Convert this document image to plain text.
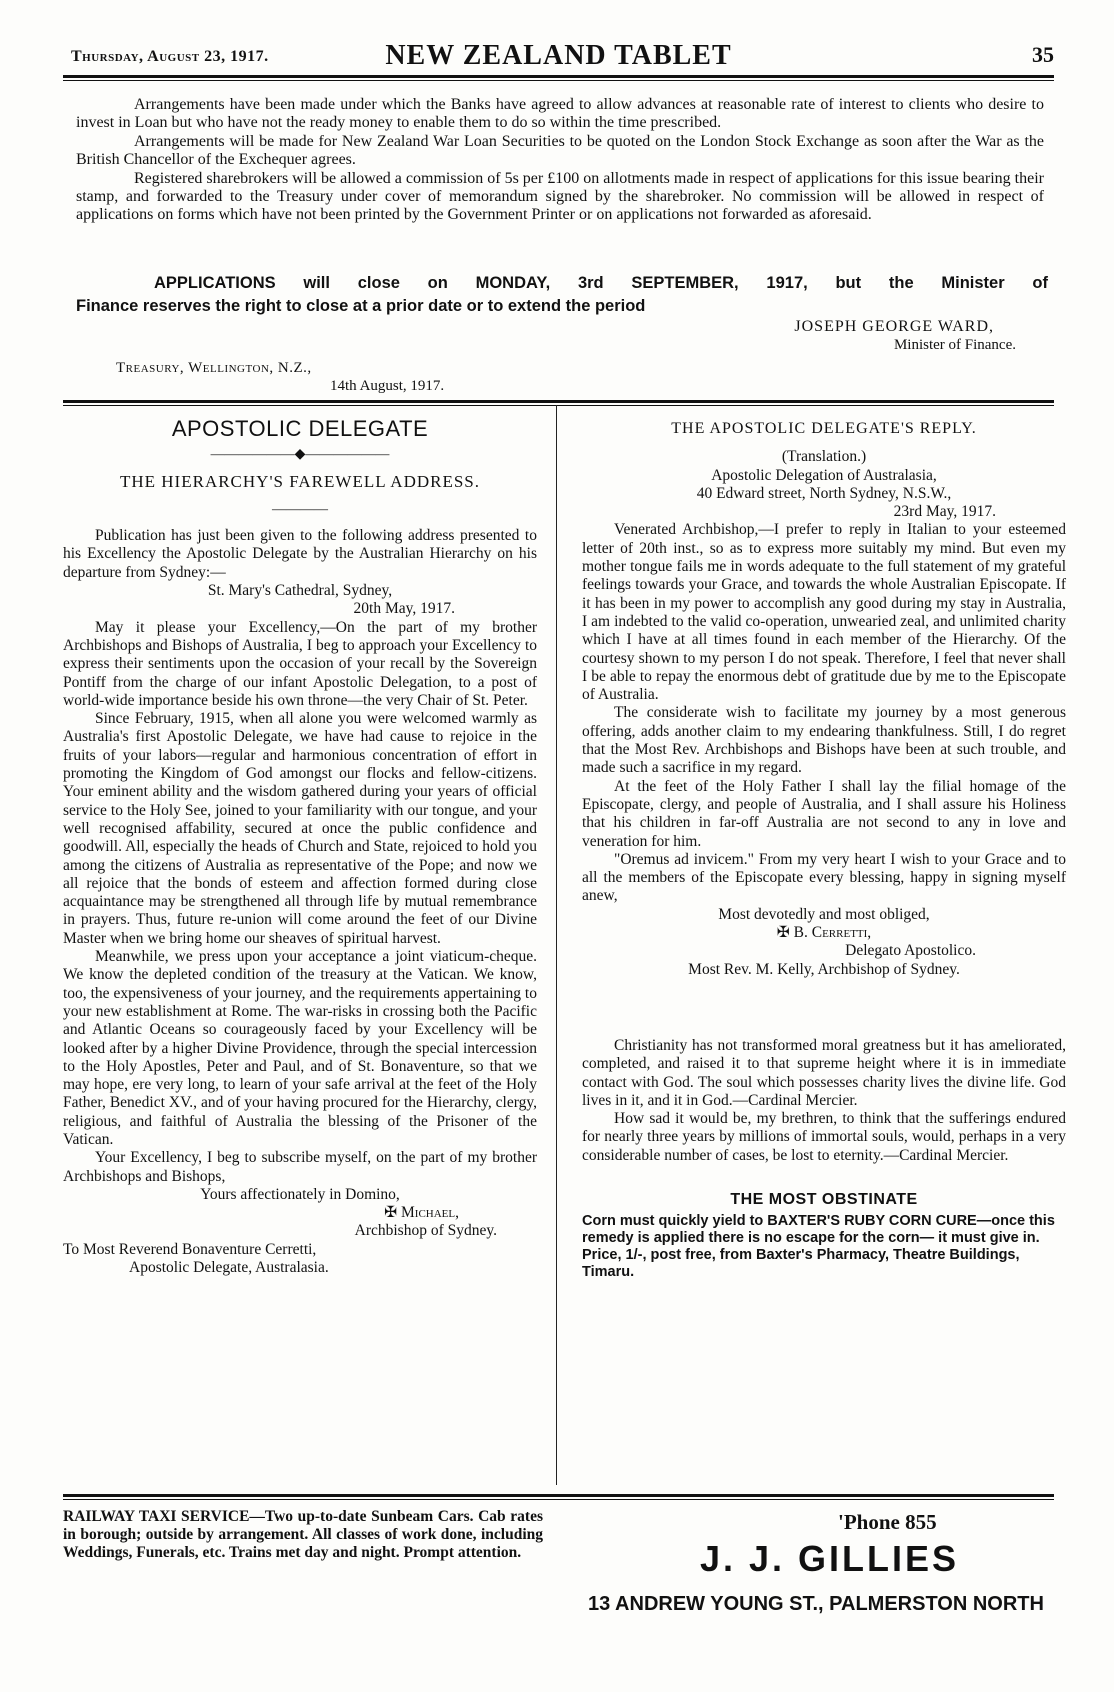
Thursday, August 23, 1917.	NEW ZEALAND TABLET	35

Arrangements have been made under which the Banks have agreed to allow advances at reasonable rate of interest to clients who desire to invest in Loan but who have not the ready money to enable them to do so within the time prescribed.

Arrangements will be made for New Zealand War Loan Securities to be quoted on the London Stock Exchange as soon after the War as the British Chancellor of the Exchequer agrees.

Registered sharebrokers will be allowed a commission of 5s per £100 on allotments made in respect of applications for this issue bearing their stamp, and forwarded to the Treasury under cover of memorandum signed by the sharebroker. No commission will be allowed in respect of applications on forms which have not been printed by the Government Printer or on applications not forwarded as aforesaid.

APPLICATIONS will close on MONDAY, 3rd SEPTEMBER, 1917, but the Minister of
Finance reserves the right to close at a prior date or to extend the period
JOSEPH GEORGE WARD,
Minister of Finance.
Treasury, Wellington, N.Z.,
14th August, 1917.
APOSTOLIC DELEGATE
——————◆——————
THE HIERARCHY'S FAREWELL ADDRESS.
————

Publication has just been given to the following address presented to his Excellency the Apostolic Delegate by the Australian Hierarchy on his departure from Sydney:—

St. Mary's Cathedral, Sydney,

20th May, 1917.

May it please your Excellency,—On the part of my brother Archbishops and Bishops of Australia, I beg to approach your Excellency to express their sentiments upon the occasion of your recall by the Sovereign Pontiff from the charge of our infant Apostolic Delegation, to a post of world-wide importance beside his own throne—the very Chair of St. Peter.

Since February, 1915, when all alone you were welcomed warmly as Australia's first Apostolic Delegate, we have had cause to rejoice in the fruits of your labors—regular and harmonious concentration of effort in promoting the Kingdom of God amongst our flocks and fellow-citizens. Your eminent ability and the wisdom gathered during your years of official service to the Holy See, joined to your familiarity with our tongue, and your well recognised affability, secured at once the public confidence and goodwill. All, especially the heads of Church and State, rejoiced to hold you among the citizens of Australia as representative of the Pope; and now we all rejoice that the bonds of esteem and affection formed during close acquaintance may be strengthened all through life by mutual remembrance in prayers. Thus, future re-union will come around the feet of our Divine Master when we bring home our sheaves of spiritual harvest.

Meanwhile, we press upon your acceptance a joint viaticum-cheque. We know the depleted condition of the treasury at the Vatican. We know, too, the expensiveness of your journey, and the requirements appertaining to your new establishment at Rome. The war-risks in crossing both the Pacific and Atlantic Oceans so courageously faced by your Excellency will be looked after by a higher Divine Providence, through the special intercession to the Holy Apostles, Peter and Paul, and of St. Bonaventure, so that we may hope, ere very long, to learn of your safe arrival at the feet of the Holy Father, Benedict XV., and of your having procured for the Hierarchy, clergy, religious, and faithful of Australia the blessing of the Prisoner of the Vatican.

Your Excellency, I beg to subscribe myself, on the part of my brother Archbishops and Bishops,

Yours affectionately in Domino,

✠ Michael,

Archbishop of Sydney.

To Most Reverend Bonaventure Cerretti,

Apostolic Delegate, Australasia.

THE APOSTOLIC DELEGATE'S REPLY.

(Translation.)

Apostolic Delegation of Australasia,

40 Edward street, North Sydney, N.S.W.,

23rd May, 1917.

Venerated Archbishop,—I prefer to reply in Italian to your esteemed letter of 20th inst., so as to express more suitably my mind. But even my mother tongue fails me in words adequate to the full statement of my grateful feelings towards your Grace, and towards the whole Australian Episcopate. If it has been in my power to accomplish any good during my stay in Australia, I am indebted to the valid co-operation, unwearied zeal, and unlimited charity which I have at all times found in each member of the Hierarchy. Of the courtesy shown to my person I do not speak. Therefore, I feel that never shall I be able to repay the enormous debt of gratitude due by me to the Episcopate of Australia.

The considerate wish to facilitate my journey by a most generous offering, adds another claim to my endearing thankfulness. Still, I do regret that the Most Rev. Archbishops and Bishops have been at such trouble, and made such a sacrifice in my regard.

At the feet of the Holy Father I shall lay the filial homage of the Episcopate, clergy, and people of Australia, and I shall assure his Holiness that his children in far-off Australia are not second to any in love and veneration for him.

"Oremus ad invicem." From my very heart I wish to your Grace and to all the members of the Episcopate every blessing, happy in signing myself anew,

Most devotedly and most obliged,

✠ B. Cerretti,

Delegato Apostolico.

Most Rev. M. Kelly, Archbishop of Sydney.

Christianity has not transformed moral greatness but it has ameliorated, completed, and raised it to that supreme height where it is in immediate contact with God. The soul which possesses charity lives the divine life. God lives in it, and it in God.—Cardinal Mercier.

How sad it would be, my brethren, to think that the sufferings endured for nearly three years by millions of immortal souls, would, perhaps in a very considerable number of cases, be lost to eternity.—Cardinal Mercier.

THE MOST OBSTINATE
Corn must quickly yield to BAXTER'S RUBY CORN CURE—once this remedy is applied there is no escape for the corn— it must give in. Price, 1/-, post free, from Baxter's Pharmacy, Theatre Buildings, Timaru.
RAILWAY TAXI SERVICE—Two up-to-date Sunbeam Cars. Cab rates in borough; outside by arrangement. All classes of work done, including Weddings, Funerals, etc. Trains met day and night. Prompt attention.
'Phone 855
J. J. GILLIES
13 ANDREW YOUNG ST., PALMERSTON NORTH
